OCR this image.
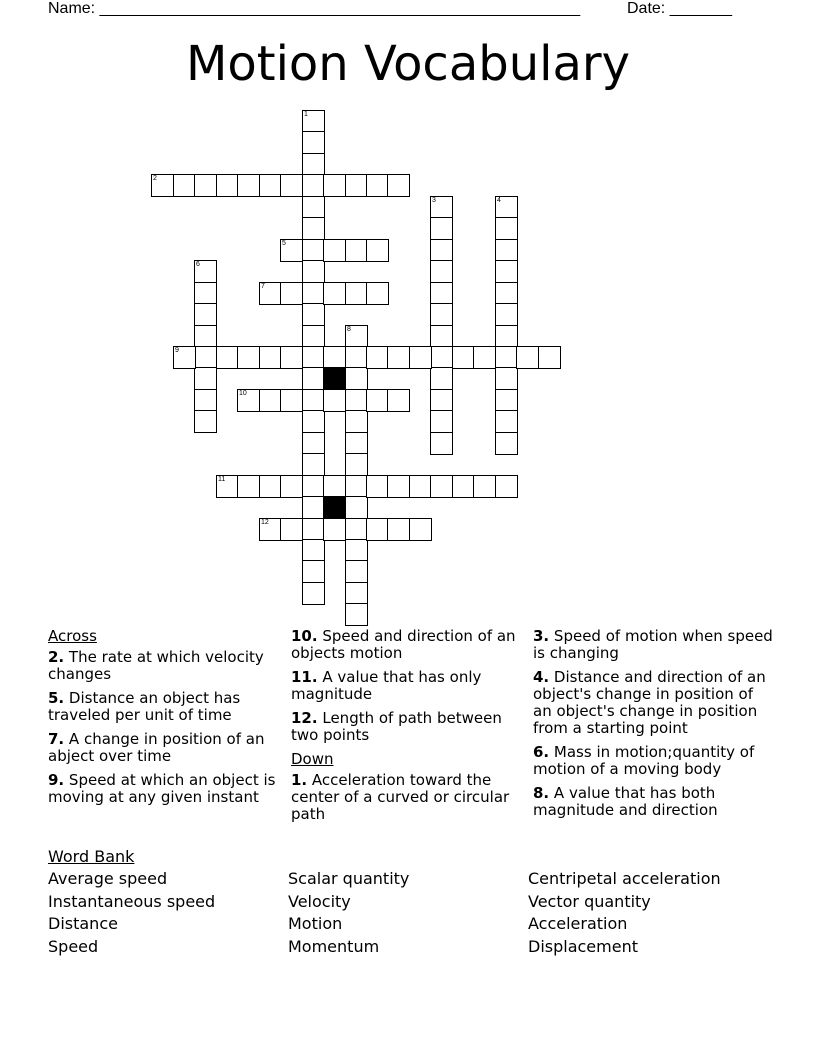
Name: ______________________________________________________	Date: _______
Motion Vocabulary
1
2
3	4
5
6
7
8
9
10
11
12
Across
2. The rate at which velocity changes
5. Distance an object has traveled per unit of time
7. A change in position of an abject over time
9. Speed at which an object is moving at any given instant
10. Speed and direction of an objects motion
11. A value that has only magnitude
12. Length of path between two points
Down
1. Acceleration toward the center of a curved or circular path
3. Speed of motion when speed is changing
4. Distance and direction of an object's change in position of an object's change in position from a starting point
6. Mass in motion;quantity of motion of a moving body
8. A value that has both magnitude and direction
Word Bank
Average speed
Instantaneous speed
Distance
Speed
Scalar quantity
Velocity
Motion
Momentum
Centripetal acceleration
Vector quantity
Acceleration
Displacement
